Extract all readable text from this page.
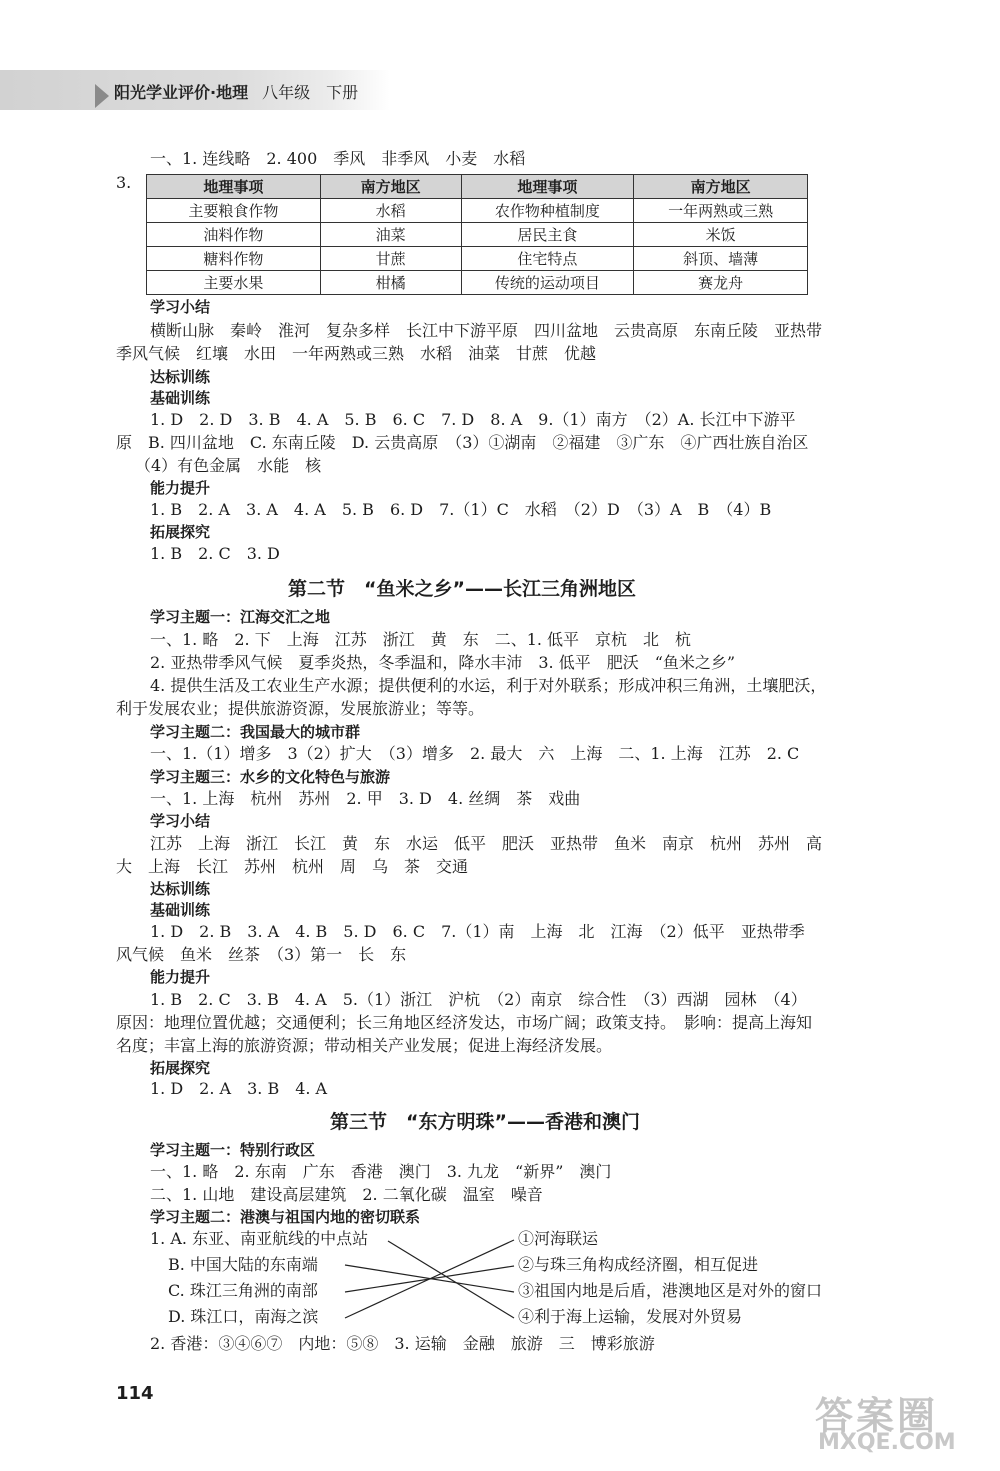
阳光学业评价·地理 八年级　下册
一、1. 连线略　2. 400　季风　非季风　小麦　水稻
3.	地理事项	南方地区	地理事项	南方地区
主要粮食作物	水稻	农作物种植制度	一年两熟或三熟
油料作物	油菜	居民主食	米饭
糖料作物	甘蔗	住宅特点	斜顶、墙薄
主要水果	柑橘	传统的运动项目	赛龙舟
学习小结
横断山脉　秦岭　淮河　复杂多样　长江中下游平原　四川盆地　云贵高原　东南丘陵　亚热带
季风气候　红壤　水田　一年两熟或三熟　水稻　油菜　甘蔗　优越
达标训练
基础训练
1. D　2. D　3. B　4. A　5. B　6. C　7. D　8. A　9.（1）南方　（2）A. 长江中下游平
原　B. 四川盆地　C. 东南丘陵　D. 云贵高原　（3）①湖南　②福建　③广东　④广西壮族自治区
（4）有色金属　水能　核
能力提升
1. B　2. A　3. A　4. A　5. B　6. D　7.（1）C　水稻　（2）D　（3）A　B　（4）B
拓展探究
1. B　2. C　3. D
第二节　“鱼米之乡”——长江三角洲地区
学习主题一：江海交汇之地
一、1. 略　2. 下　上海　江苏　浙江　黄　东　二、1. 低平　京杭　北　杭
2. 亚热带季风气候　夏季炎热，冬季温和，降水丰沛　3. 低平　肥沃　“鱼米之乡”
4. 提供生活及工农业生产水源；提供便利的水运，利于对外联系；形成冲积三角洲，土壤肥沃，
利于发展农业；提供旅游资源，发展旅游业；等等。
学习主题二：我国最大的城市群
一、1.（1）增多　3（2）扩大　（3）增多　2. 最大　六　上海　二、1. 上海　江苏　2. C
学习主题三：水乡的文化特色与旅游
一、1. 上海　杭州　苏州　2. 甲　3. D　4. 丝绸　茶　戏曲
学习小结
江苏　上海　浙江　长江　黄　东　水运　低平　肥沃　亚热带　鱼米　南京　杭州　苏州　高
大　上海　长江　苏州　杭州　周　乌　茶　交通
达标训练
基础训练
1. D　2. B　3. A　4. B　5. D　6. C　7.（1）南　上海　北　江海　（2）低平　亚热带季
风气候　鱼米　丝茶　（3）第一　长　东
能力提升
1. B　2. C　3. B　4. A　5.（1）浙江　沪杭　（2）南京　综合性　（3）西湖　园林　（4）
原因：地理位置优越；交通便利；长三角地区经济发达，市场广阔；政策支持。　影响：提高上海知
名度；丰富上海的旅游资源；带动相关产业发展；促进上海经济发展。
拓展探究
1. D　2. A　3. B　4. A
第三节　“东方明珠”——香港和澳门
学习主题一：特别行政区
一、1. 略　2. 东南　广东　香港　澳门　3. 九龙　“新界”　澳门
二、1. 山地　建设高层建筑　2. 二氧化碳　温室　噪音
学习主题二：港澳与祖国内地的密切联系
1. A. 东亚、南亚航线的中点站
B. 中国大陆的东南端
C. 珠江三角洲的南部
D. 珠江口，南海之滨
①河海联运
②与珠三角构成经济圈，相互促进
③祖国内地是后盾，港澳地区是对外的窗口
④利于海上运输，发展对外贸易
2. 香港：③④⑥⑦　内地：⑤⑧　3. 运输　金融　旅游　三　博彩旅游
114
答案圈
MXQE.COM
